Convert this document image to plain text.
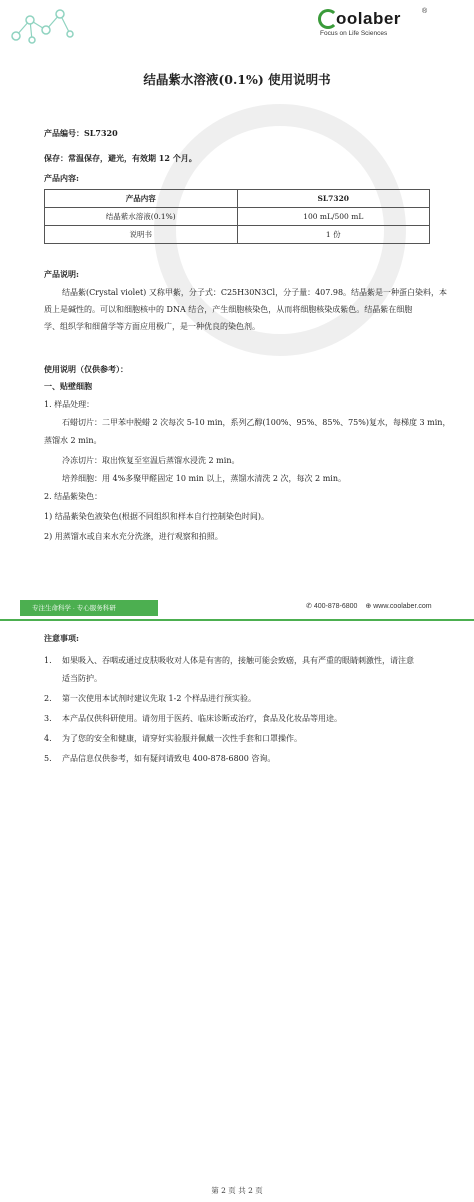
oolaber	®
Focus on Life Sciences
结晶紫水溶液(0.1%) 使用说明书
产品编号：SL7320
保存：常温保存，避光，有效期 12 个月。
产品内容:
产品内容	SL7320
结晶紫水溶液(0.1%)	100 mL/500 mL
说明书	1 份
产品说明:
结晶紫(Crystal violet) 又称甲紫，分子式：C25H30N3Cl，分子量：407.98。结晶紫是一种蛋白染料，本
质上是碱性的。可以和细胞核中的 DNA 结合，产生细胞核染色，从而将细胞核染成紫色。结晶紫在细胞
学、组织学和细菌学等方面应用极广，是一种优良的染色剂。
使用说明（仅供参考）：
一、贴壁细胞
1. 样品处理：
石蜡切片：二甲苯中脱蜡 2 次每次 5-10 min，系列乙醇(100%、95%、85%、75%)复水，每梯度 3 min，
蒸馏水 2 min。
冷冻切片：取出恢复至室温后蒸馏水浸洗 2 min。
培养细胞：用 4%多聚甲醛固定 10 min 以上，蒸馏水清洗 2 次，每次 2 min。
2. 结晶紫染色：
1) 结晶紫染色液染色(根据不同组织和样本自行控制染色时间)。
2) 用蒸馏水或自来水充分洗涤，进行观察和拍照。
专注生命科学 · 专心服务科研	✆ 400-878-6800 ⊕ www.coolaber.com
注意事项:
1. 如果吸入、吞咽或通过皮肤吸收对人体是有害的，接触可能会致癌，具有严重的眼睛刺激性，请注意
适当防护。
2. 第一次使用本试剂时建议先取 1-2 个样品进行预实验。
3. 本产品仅供科研使用。请勿用于医药、临床诊断或治疗，食品及化妆品等用途。
4. 为了您的安全和健康，请穿好实验服并佩戴一次性手套和口罩操作。
5. 产品信息仅供参考，如有疑问请致电 400-878-6800 咨询。
第 2 页 共 2 页
